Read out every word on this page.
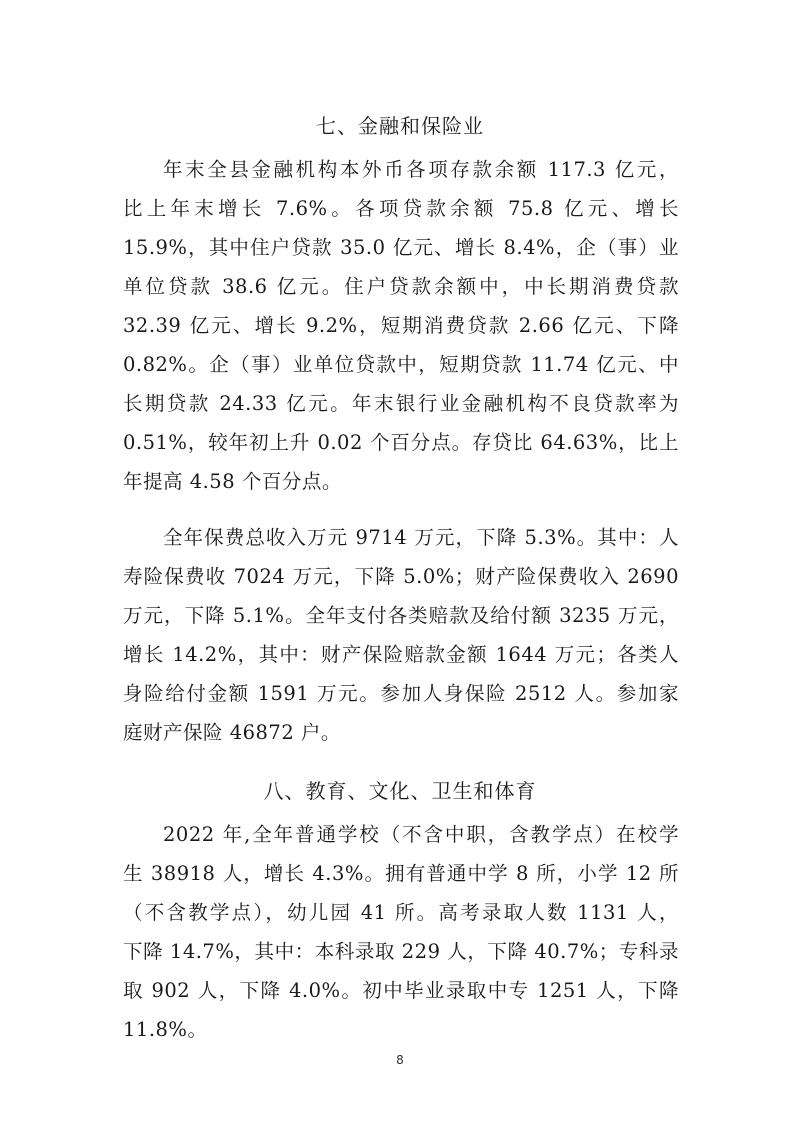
七、金融和保险业
年末全县金融机构本外币各项存款余额 117.3 亿元，
比上年末增长 7.6%。各项贷款余额 75.8 亿元、增长
15.9%，其中住户贷款 35.0 亿元、增长 8.4%，企（事）业
单位贷款 38.6 亿元。住户贷款余额中，中长期消费贷款
32.39 亿元、增长 9.2%，短期消费贷款 2.66 亿元、下降
0.82%。企（事）业单位贷款中，短期贷款 11.74 亿元、中
长期贷款 24.33 亿元。年末银行业金融机构不良贷款率为
0.51%，较年初上升 0.02 个百分点。存贷比 64.63%，比上
年提高 4.58 个百分点。
全年保费总收入万元 9714 万元，下降 5.3%。其中：人
寿险保费收 7024 万元，下降 5.0%；财产险保费收入 2690
万元，下降 5.1%。全年支付各类赔款及给付额 3235 万元，
增长 14.2%，其中：财产保险赔款金额 1644 万元；各类人
身险给付金额 1591 万元。参加人身保险 2512 人。参加家
庭财产保险 46872 户。
八、教育、文化、卫生和体育
2022 年,全年普通学校（不含中职，含教学点）在校学
生 38918 人，增长 4.3%。拥有普通中学 8 所，小学 12 所
（不含教学点），幼儿园 41 所。高考录取人数 1131 人，
下降 14.7%，其中：本科录取 229 人，下降 40.7%；专科录
取 902 人，下降 4.0%。初中毕业录取中专 1251 人，下降
11.8%。
8
